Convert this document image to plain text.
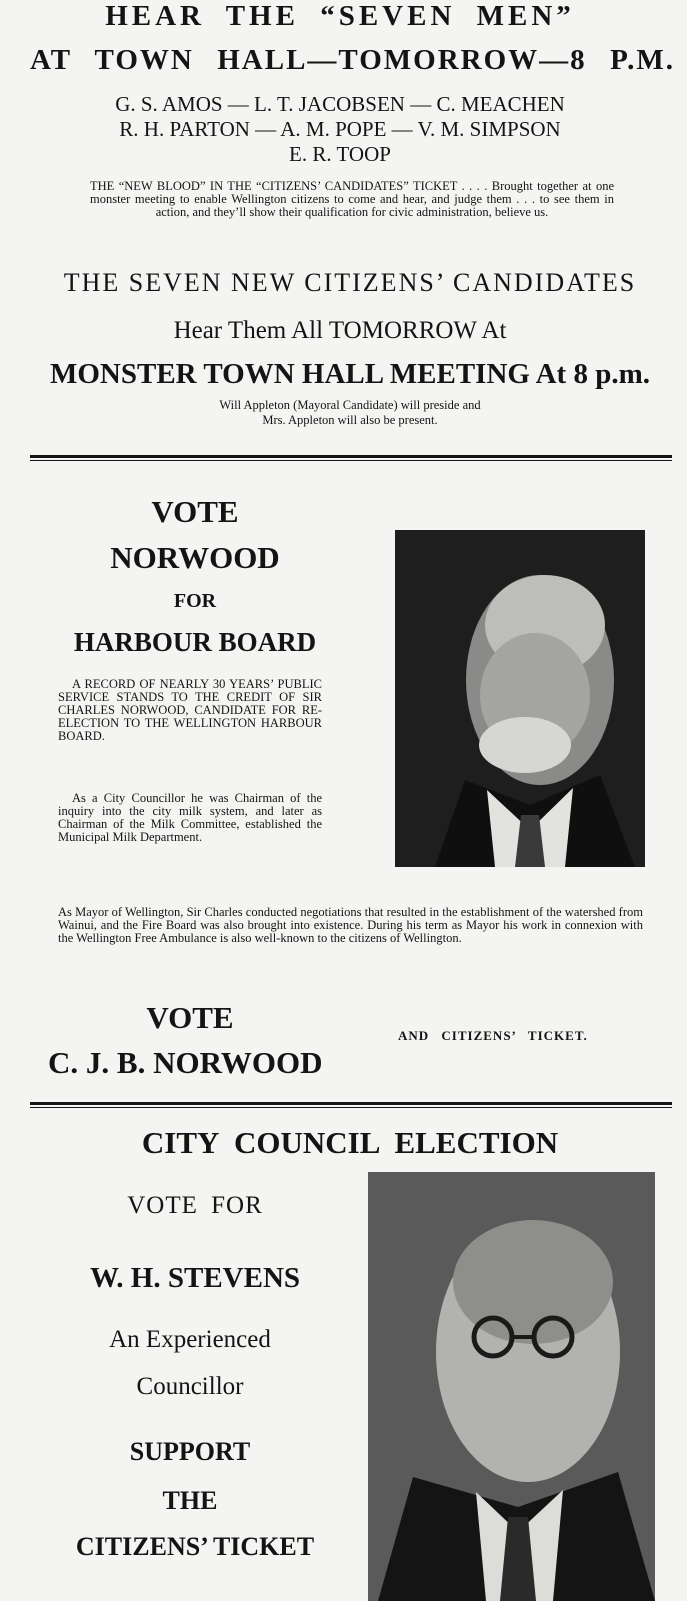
HEAR THE “SEVEN MEN”
AT TOWN HALL—TOMORROW—8 P.M.
G. S. AMOS — L. T. JACOBSEN — C. MEACHEN
R. H. PARTON — A. M. POPE — V. M. SIMPSON
E. R. TOOP
THE “NEW BLOOD” IN THE “CITIZENS’ CANDIDATES” TICKET . . . . Brought together at one monster meeting to enable Wellington citizens to come and hear, and judge them . . . to see them in action, and they’ll show their qualification for civic administration, believe us.
THE SEVEN NEW CITIZENS’ CANDIDATES
Hear Them All TOMORROW At
MONSTER TOWN HALL MEETING At 8 p.m.
Will Appleton (Mayoral Candidate) will preside and
Mrs. Appleton will also be present.
VOTE
NORWOOD
FOR
HARBOUR BOARD
A RECORD OF NEARLY 30 YEARS’ PUBLIC SERVICE STANDS TO THE CREDIT OF SIR CHARLES NORWOOD, CANDIDATE FOR RE-ELECTION TO THE WELLINGTON HARBOUR BOARD.
As a City Councillor he was Chairman of the inquiry into the city milk system, and later as Chairman of the Milk Committee, established the Municipal Milk Department.
As Mayor of Wellington, Sir Charles conducted negotiations that resulted in the establishment of the watershed from Wainui, and the Fire Board was also brought into existence. During his term as Mayor his work in connexion with the Wellington Free Ambulance is also well-known to the citizens of Wellington.
VOTE
C. J. B. NORWOOD
AND CITIZENS’ TICKET.
CITY COUNCIL ELECTION
VOTE FOR
W. H. STEVENS
An Experienced
Councillor
SUPPORT
THE
CITIZENS’ TICKET
